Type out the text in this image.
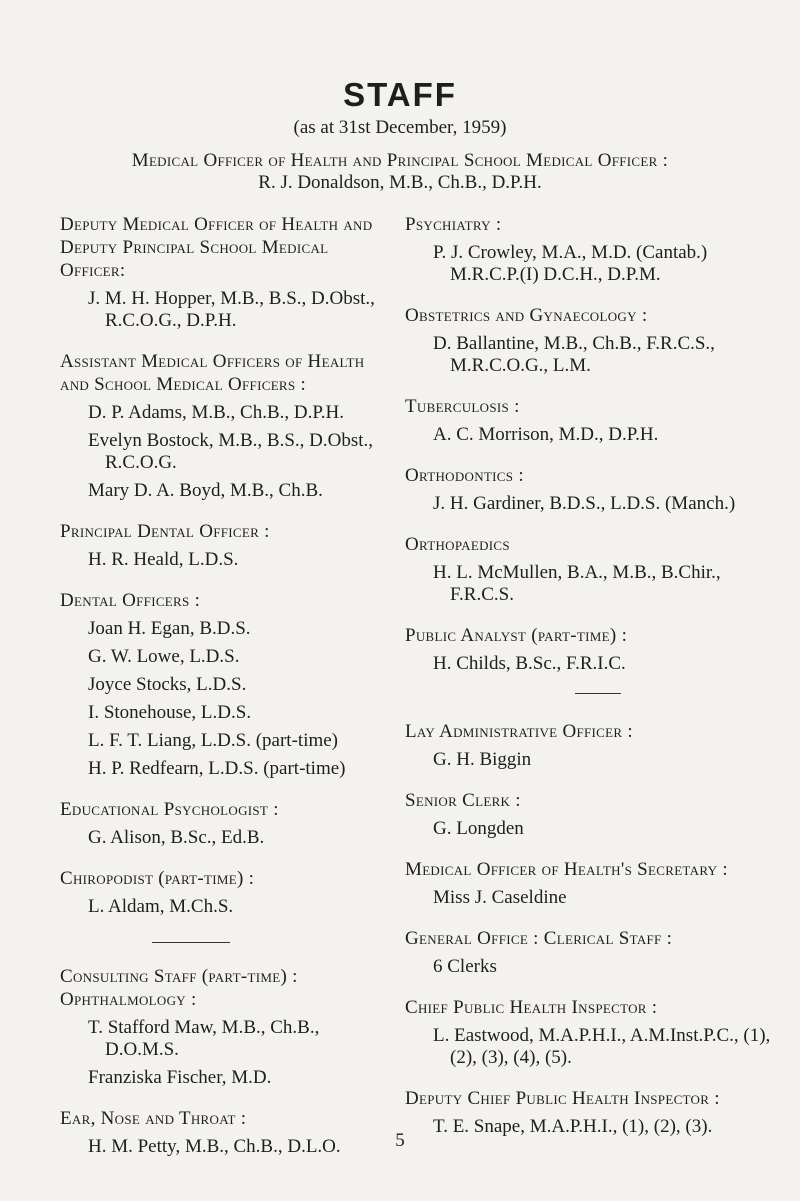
STAFF
(as at 31st December, 1959)
Medical Officer of Health and Principal School Medical Officer :
R. J. Donaldson, M.B., Ch.B., D.P.H.
Deputy Medical Officer of Health and Deputy Principal School Medical Officer:
J. M. H. Hopper, M.B., B.S., D.Obst., R.C.O.G., D.P.H.
Assistant Medical Officers of Health and School Medical Officers :
D. P. Adams, M.B., Ch.B., D.P.H.
Evelyn Bostock, M.B., B.S., D.Obst., R.C.O.G.
Mary D. A. Boyd, M.B., Ch.B.
Principal Dental Officer :
H. R. Heald, L.D.S.
Dental Officers :
Joan H. Egan, B.D.S.
G. W. Lowe, L.D.S.
Joyce Stocks, L.D.S.
I. Stonehouse, L.D.S.
L. F. T. Liang, L.D.S. (part-time)
H. P. Redfearn, L.D.S. (part-time)
Educational Psychologist :
G. Alison, B.Sc., Ed.B.
Chiropodist (part-time) :
L. Aldam, M.Ch.S.
Consulting Staff (part-time) :
Ophthalmology :
T. Stafford Maw, M.B., Ch.B., D.O.M.S.
Franziska Fischer, M.D.
Ear, Nose and Throat :
H. M. Petty, M.B., Ch.B., D.L.O.
Psychiatry :
P. J. Crowley, M.A., M.D. (Cantab.) M.R.C.P.(I) D.C.H., D.P.M.
Obstetrics and Gynaecology :
D. Ballantine, M.B., Ch.B., F.R.C.S., M.R.C.O.G., L.M.
Tuberculosis :
A. C. Morrison, M.D., D.P.H.
Orthodontics :
J. H. Gardiner, B.D.S., L.D.S. (Manch.)
Orthopaedics
H. L. McMullen, B.A., M.B., B.Chir., F.R.C.S.
Public Analyst (part-time) :
H. Childs, B.Sc., F.R.I.C.
Lay Administrative Officer :
G. H. Biggin
Senior Clerk :
G. Longden
Medical Officer of Health's Secretary :
Miss J. Caseldine
General Office : Clerical Staff :
6 Clerks
Chief Public Health Inspector :
L. Eastwood, M.A.P.H.I., A.M.Inst.P.C., (1), (2), (3), (4), (5).
Deputy Chief Public Health Inspector :
T. E. Snape, M.A.P.H.I., (1), (2), (3).
5
